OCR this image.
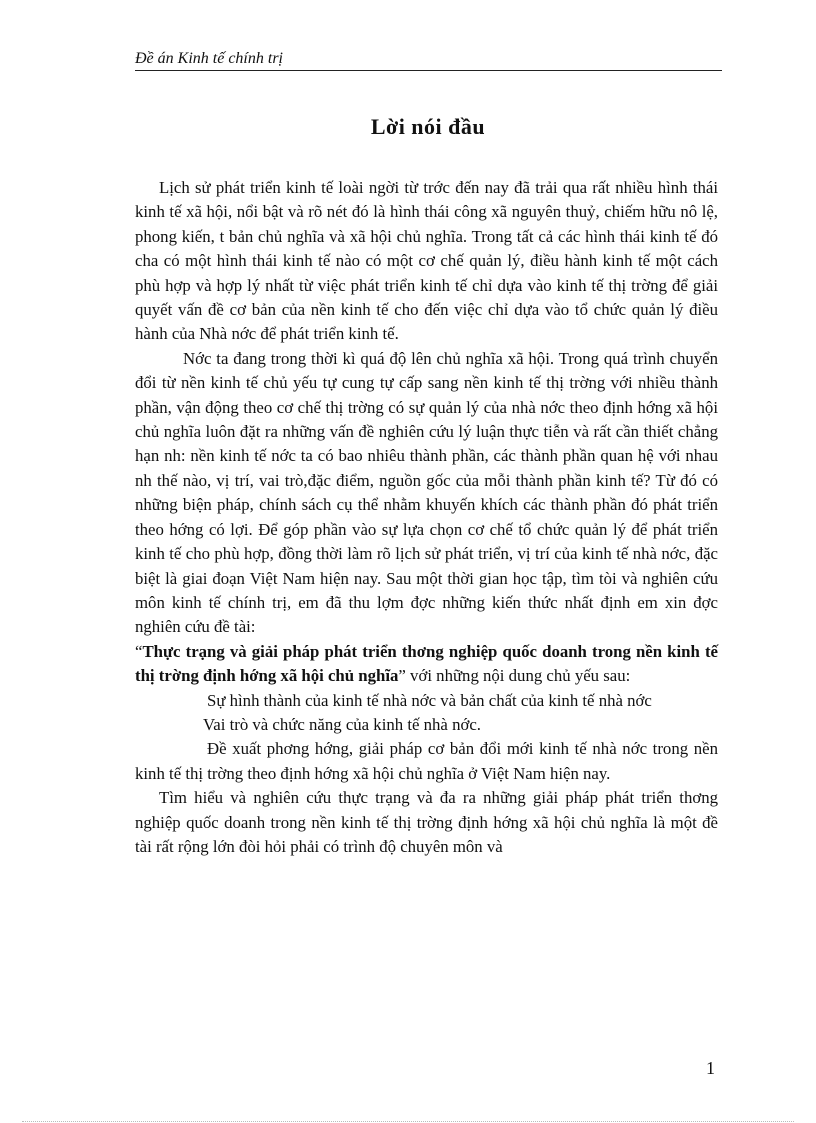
Đề án Kinh tế chính trị
Lời nói đầu

Lịch sử phát triển kinh tế loài ngời từ trớc đến nay đã trải qua rất nhiều hình thái kinh tế xã hội, nổi bật và rõ nét đó là hình thái công xã nguyên thuỷ, chiếm hữu nô lệ, phong kiến, t bản chủ nghĩa và xã hội chủ nghĩa. Trong tất cả các hình thái kinh tế đó cha có một hình thái kinh tế nào có một cơ chế quản lý, điều hành kinh tế một cách phù hợp và hợp lý nhất từ việc phát triển kinh tế chỉ dựa vào kinh tế thị trờng để giải quyết vấn đề cơ bản của nền kinh tế cho đến việc chỉ dựa vào tổ chức quản lý điều hành của Nhà nớc để phát triển kinh tế.

Nớc ta đang trong thời kì quá độ lên chủ nghĩa xã hội. Trong quá trình chuyển đổi từ nền kinh tế chủ yếu tự cung tự cấp sang nền kinh tế thị trờng với nhiều thành phần, vận động theo cơ chế thị trờng có sự quản lý của nhà nớc theo định hớng xã hội chủ nghĩa luôn đặt ra những vấn đề nghiên cứu lý luận thực tiễn và rất cần thiết chẳng hạn nh: nền kinh tế nớc ta có bao nhiêu thành phần, các thành phần quan hệ với nhau nh thế nào, vị trí, vai trò,đặc điểm, nguồn gốc của mỗi thành phần kinh tế? Từ đó có những biện pháp, chính sách cụ thể nhằm khuyến khích các thành phần đó phát triển theo hớng có lợi. Để góp phần vào sự lựa chọn cơ chế tổ chức quản lý để phát triển kinh tế cho phù hợp, đồng thời làm rõ lịch sử phát triển, vị trí của kinh tế nhà nớc, đặc biệt là giai đoạn Việt Nam hiện nay. Sau một thời gian học tập, tìm tòi và nghiên cứu môn kinh tế chính trị, em đã thu lợm đợc những kiến thức nhất định em xin đợc nghiên cứu đề tài:

“Thực trạng và giải pháp phát triển thơng nghiệp quốc doanh trong nền kinh tế thị trờng định hớng xã hội chủ nghĩa” với những nội dung chủ yếu sau:

Sự hình thành của kinh tế nhà nớc và bản chất của kinh tế nhà nớc

Vai trò và chức năng của kinh tế nhà nớc.

Đề xuất phơng hớng, giải pháp cơ bản đổi mới kinh tế nhà nớc trong nền kinh tế thị trờng theo định hớng xã hội chủ nghĩa ở Việt Nam hiện nay.

Tìm hiểu và nghiên cứu thực trạng và đa ra những giải pháp phát triển thơng nghiệp quốc doanh trong nền kinh tế thị trờng định hớng xã hội chủ nghĩa là một đề tài rất rộng lớn đòi hỏi phải có trình độ chuyên môn và

1
